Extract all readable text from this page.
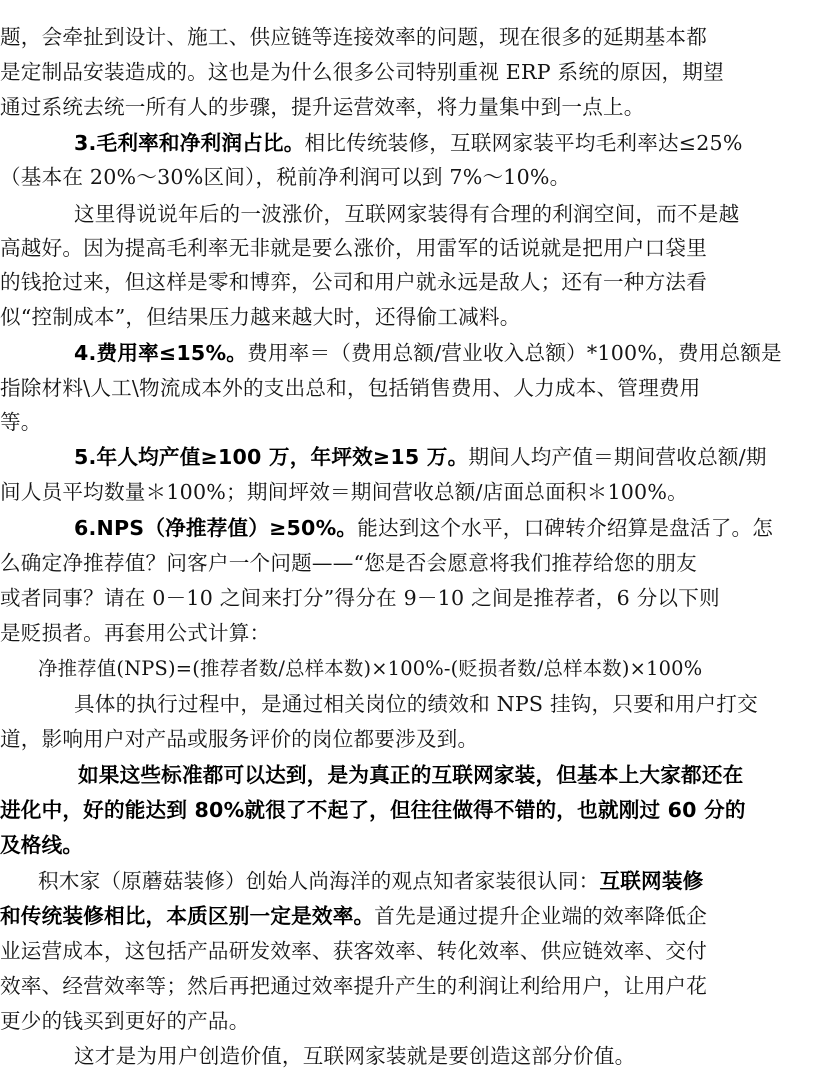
题，会牵扯到设计、施工、供应链等连接效率的问题，现在很多的延期基本都
是定制品安装造成的。这也是为什么很多公司特别重视 ERP 系统的原因，期望
通过系统去统一所有人的步骤，提升运营效率，将力量集中到一点上。
3.毛利率和净利润占比。相比传统装修，互联网家装平均毛利率达≤25%
（基本在 20%～30%区间），税前净利润可以到 7%～10%。
这里得说说年后的一波涨价，互联网家装得有合理的利润空间，而不是越
高越好。因为提高毛利率无非就是要么涨价，用雷军的话说就是把用户口袋里
的钱抢过来，但这样是零和博弈，公司和用户就永远是敌人；还有一种方法看
似“控制成本”，但结果压力越来越大时，还得偷工减料。
4.费用率≤15%。费用率＝（费用总额/营业收入总额）*100%，费用总额是
指除材料\人工\物流成本外的支出总和，包括销售费用、人力成本、管理费用
等。
5.年人均产值≥100 万，年坪效≥15 万。期间人均产值＝期间营收总额/期
间人员平均数量＊100%；期间坪效＝期间营收总额/店面总面积＊100%。
6.NPS（净推荐值）≥50%。能达到这个水平，口碑转介绍算是盘活了。怎
么确定净推荐值？问客户一个问题——“您是否会愿意将我们推荐给您的朋友
或者同事？请在 0－10 之间来打分”得分在 9－10 之间是推荐者，6 分以下则
是贬损者。再套用公式计算：
净推荐值(NPS)=(推荐者数/总样本数)×100%-(贬损者数/总样本数)×100%
具体的执行过程中，是通过相关岗位的绩效和 NPS 挂钩，只要和用户打交
道，影响用户对产品或服务评价的岗位都要涉及到。
如果这些标准都可以达到，是为真正的互联网家装，但基本上大家都还在
进化中，好的能达到 80%就很了不起了，但往往做得不错的，也就刚过 60 分的
及格线。
积木家（原蘑菇装修）创始人尚海洋的观点知者家装很认同：互联网装修
和传统装修相比，本质区别一定是效率。首先是通过提升企业端的效率降低企
业运营成本，这包括产品研发效率、获客效率、转化效率、供应链效率、交付
效率、经营效率等；然后再把通过效率提升产生的利润让利给用户，让用户花
更少的钱买到更好的产品。
这才是为用户创造价值，互联网家装就是要创造这部分价值。
